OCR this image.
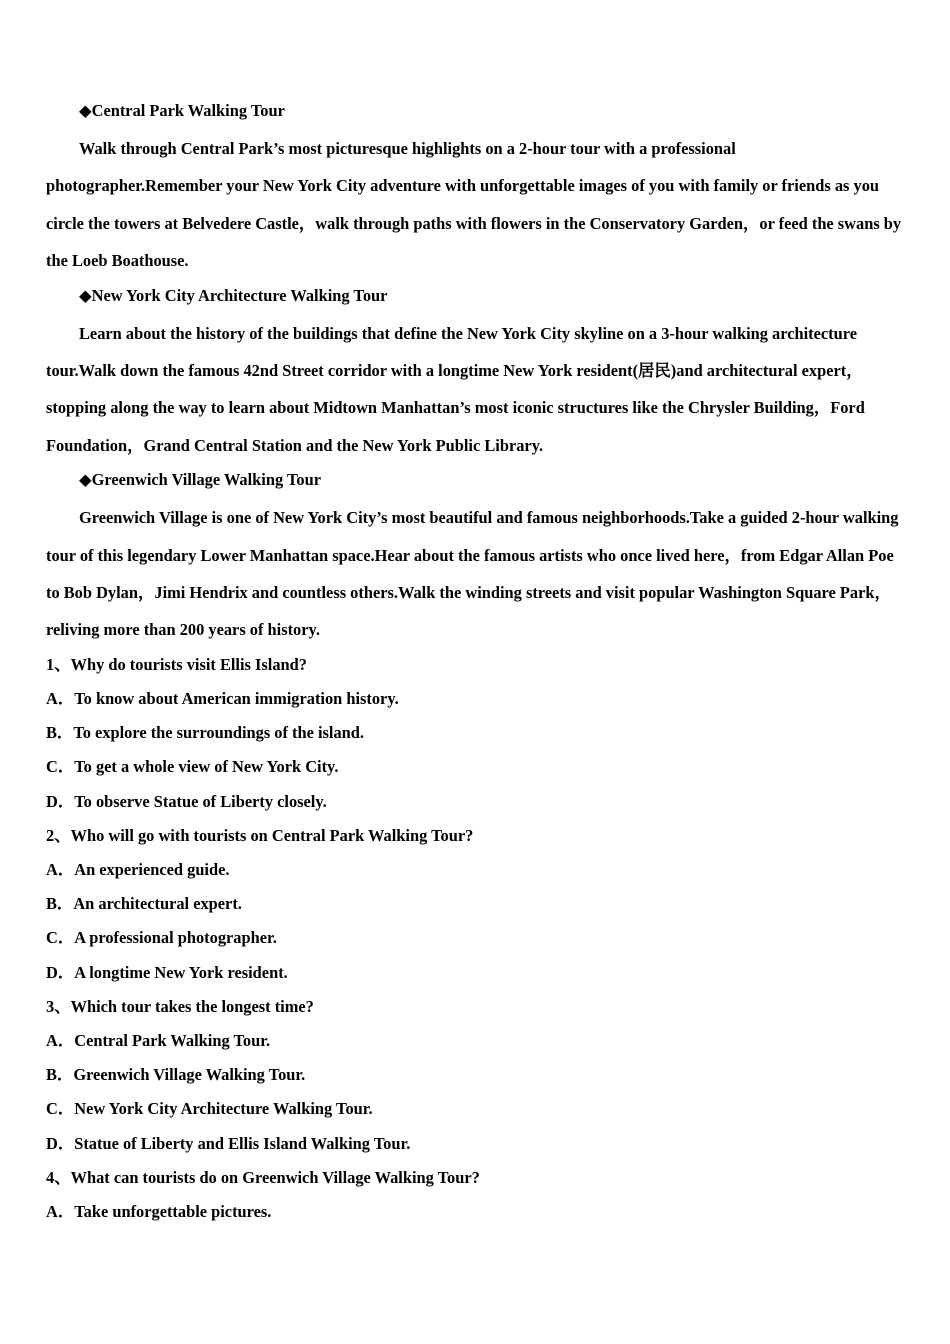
◆Central Park Walking Tour

Walk through Central Park’s most picturesque highlights on a 2-hour tour with a professional photographer.Remember your New York City adventure with unforgettable images of you with family or friends as you circle the towers at Belvedere Castle，walk through paths with flowers in the Conservatory Garden，or feed the swans by the Loeb Boathouse.

◆New York City Architecture Walking Tour

Learn about the history of the buildings that define the New York City skyline on a 3-hour walking architecture tour.Walk down the famous 42nd Street corridor with a longtime New York resident(居民)and architectural expert，stopping along the way to learn about Midtown Manhattan’s most iconic structures like the Chrysler Building，Ford Foundation，Grand Central Station and the New York Public Library.

◆Greenwich Village Walking Tour

Greenwich Village is one of New York City’s most beautiful and famous neighborhoods.Take a guided 2-hour walking tour of this legendary Lower Manhattan space.Hear about the famous artists who once lived here，from Edgar Allan Poe to Bob Dylan，Jimi Hendrix and countless others.Walk the winding streets and visit popular Washington Square Park，reliving more than 200 years of history.

1、Why do tourists visit Ellis Island?

A．To know about American immigration history.

B．To explore the surroundings of the island.

C．To get a whole view of New York City.

D．To observe Statue of Liberty closely.

2、Who will go with tourists on Central Park Walking Tour?

A．An experienced guide.

B．An architectural expert.

C．A professional photographer.

D．A longtime New York resident.

3、Which tour takes the longest time?

A．Central Park Walking Tour.

B．Greenwich Village Walking Tour.

C．New York City Architecture Walking Tour.

D．Statue of Liberty and Ellis Island Walking Tour.

4、What can tourists do on Greenwich Village Walking Tour?

A．Take unforgettable pictures.
